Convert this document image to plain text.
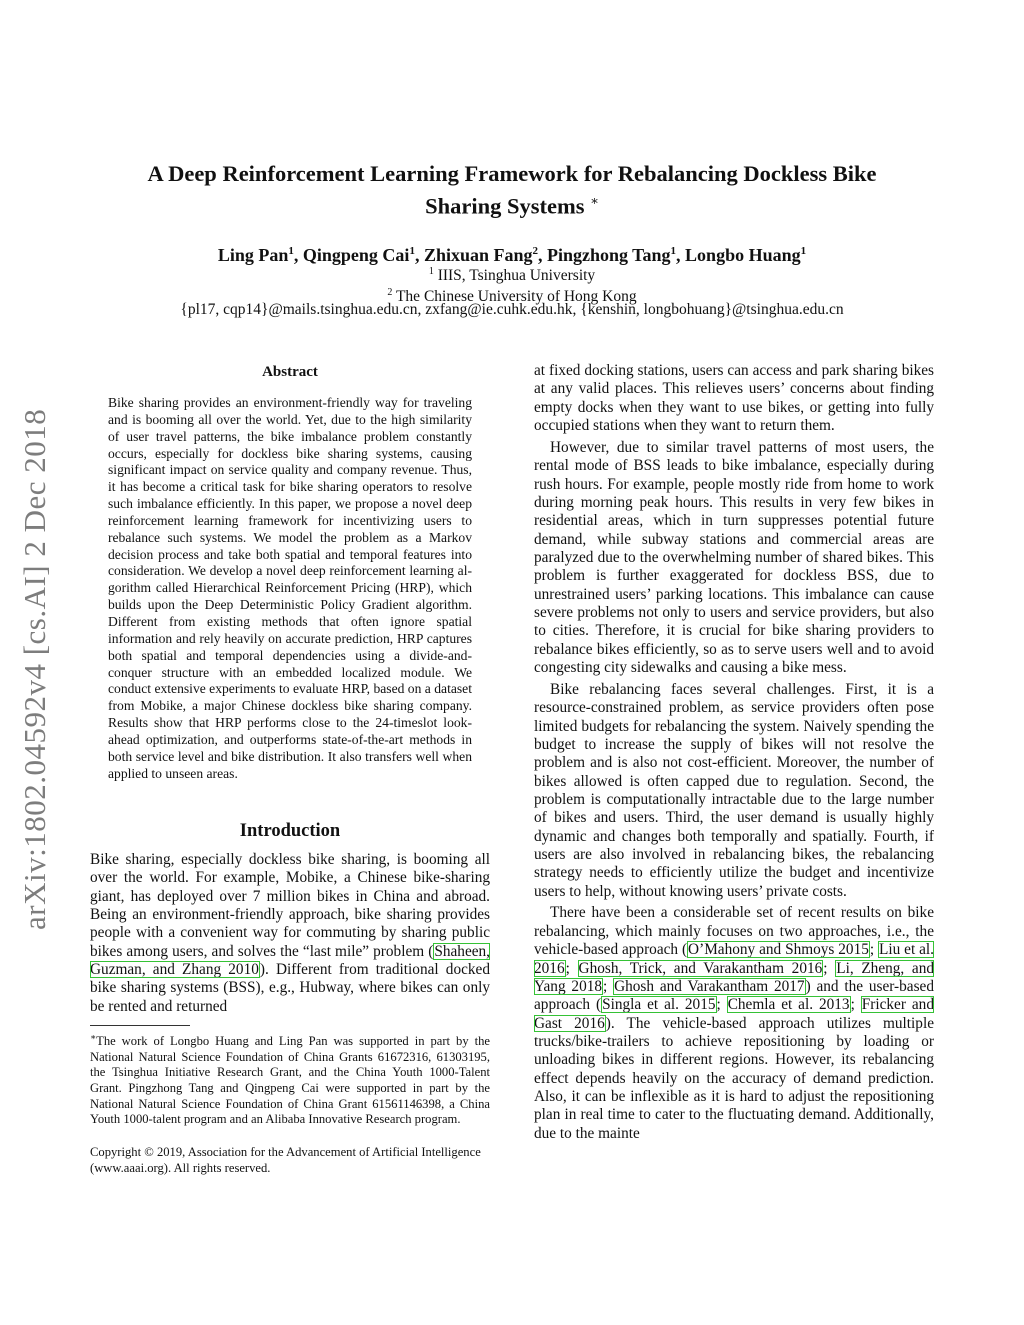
arXiv:1802.04592v4 [cs.AI] 2 Dec 2018
A Deep Reinforcement Learning Framework for Rebalancing Dockless Bike
Sharing Systems ∗
Ling Pan$^1$, Qingpeng Cai$^1$, Zhixuan Fang$^2$, Pingzhong Tang$^1$, Longbo Huang$^1$
$^1$ IIIS, Tsinghua University
$^2$ The Chinese University of Hong Kong
{pl17, cqp14}@mails.tsinghua.edu.cn, zxfang@ie.cuhk.edu.hk, {kenshin, longbohuang}@tsinghua.edu.cn
Abstract
Bike sharing provides an environment-friendly way for traveling and is booming all over the world. Yet, due to the high similarity of user travel patterns, the bike imbalance problem constantly occurs, especially for dockless bike sharing systems, causing significant impact on service quality and company revenue. Thus, it has become a critical task for bike sharing operators to resolve such imbalance efficiently. In this paper, we propose a novel deep reinforcement learning framework for incentivizing users to rebalance such systems. We model the problem as a Markov decision process and take both spatial and temporal features into consideration. We develop a novel deep reinforcement learning algorithm called Hierarchical Reinforcement Pricing (HRP), which builds upon the Deep Deterministic Policy Gradient algorithm. Different from existing methods that often ignore spatial information and rely heavily on accurate prediction, HRP captures both spatial and temporal dependencies using a divide-and-conquer structure with an embedded localized module. We conduct extensive experiments to evaluate HRP, based on a dataset from Mobike, a major Chinese dockless bike sharing company. Results show that HRP performs close to the 24-timeslot look-ahead optimization, and outperforms state-of-the-art methods in both service level and bike distribution. It also transfers well when applied to unseen areas.
Introduction

Bike sharing, especially dockless bike sharing, is booming all over the world. For example, Mobike, a Chinese bike-sharing giant, has deployed over 7 million bikes in China and abroad. Being an environment-friendly approach, bike sharing provides people with a convenient way for commuting by sharing public bikes among users, and solves the “last mile” problem (Shaheen, Guzman, and Zhang 2010). Different from traditional docked bike sharing systems (BSS), e.g., Hubway, where bikes can only be rented and returned

∗The work of Longbo Huang and Ling Pan was supported in part by the National Natural Science Foundation of China Grants 61672316, 61303195, the Tsinghua Initiative Research Grant, and the China Youth 1000-Talent Grant. Pingzhong Tang and Qingpeng Cai were supported in part by the National Natural Science Foundation of China Grant 61561146398, a China Youth 1000-talent program and an Alibaba Innovative Research program.
Copyright © 2019, Association for the Advancement of Artificial Intelligence (www.aaai.org). All rights reserved.

at fixed docking stations, users can access and park sharing bikes at any valid places. This relieves users’ concerns about finding empty docks when they want to use bikes, or getting into fully occupied stations when they want to return them.

However, due to similar travel patterns of most users, the rental mode of BSS leads to bike imbalance, especially during rush hours. For example, people mostly ride from home to work during morning peak hours. This results in very few bikes in residential areas, which in turn suppresses potential future demand, while subway stations and commercial areas are paralyzed due to the overwhelming number of shared bikes. This problem is further exaggerated for dockless BSS, due to unrestrained users’ parking locations. This imbalance can cause severe problems not only to users and service providers, but also to cities. Therefore, it is crucial for bike sharing providers to rebalance bikes efficiently, so as to serve users well and to avoid congesting city sidewalks and causing a bike mess.

Bike rebalancing faces several challenges. First, it is a resource-constrained problem, as service providers often pose limited budgets for rebalancing the system. Naively spending the budget to increase the supply of bikes will not resolve the problem and is also not cost-efficient. Moreover, the number of bikes allowed is often capped due to regulation. Second, the problem is computationally intractable due to the large number of bikes and users. Third, the user demand is usually highly dynamic and changes both temporally and spatially. Fourth, if users are also involved in rebalancing bikes, the rebalancing strategy needs to efficiently utilize the budget and incentivize users to help, without knowing users’ private costs.

There have been a considerable set of recent results on bike rebalancing, which mainly focuses on two approaches, i.e., the vehicle-based approach (O’Mahony and Shmoys 2015; Liu et al. 2016; Ghosh, Trick, and Varakantham 2016; Li, Zheng, and Yang 2018; Ghosh and Varakantham 2017) and the user-based approach (Singla et al. 2015; Chemla et al. 2013; Fricker and Gast 2016). The vehicle-based approach utilizes multiple trucks/bike-trailers to achieve repositioning by loading or unloading bikes in different regions. However, its rebalancing effect depends heavily on the accuracy of demand prediction. Also, it can be inflexible as it is hard to adjust the repositioning plan in real time to cater to the fluctuating demand. Additionally, due to the mainte
